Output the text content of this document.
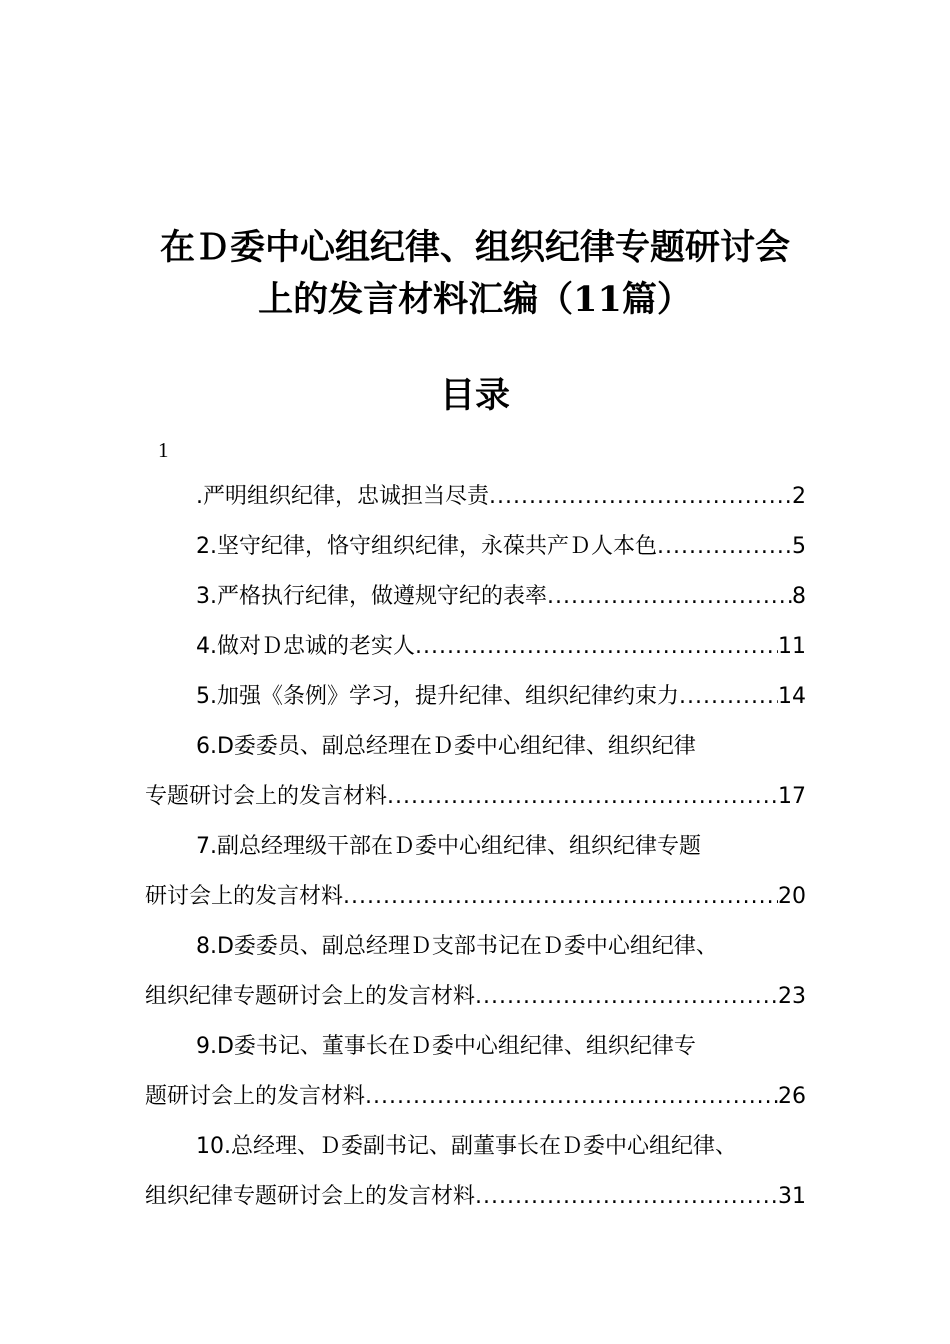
在Ｄ委中心组纪律、组织纪律专题研讨会
上的发言材料汇编（11篇）
目录
1
.严明组织纪律，忠诚担当尽责 .....	2
2.坚守纪律，恪守组织纪律，永葆共产Ｄ人本色 .....	5
3.严格执行纪律，做遵规守纪的表率 .....	8
4.做对Ｄ忠诚的老实人 .....	11
5.加强《条例》学习，提升纪律、组织纪律约束力 .....	14
6.D委委员、副总经理在Ｄ委中心组纪律、组织纪律
专题研讨会上的发言材料 .....	17
7.副总经理级干部在Ｄ委中心组纪律、组织纪律专题
研讨会上的发言材料 .....	20
8.D委委员、副总经理Ｄ支部书记在Ｄ委中心组纪律、
组织纪律专题研讨会上的发言材料 .....	23
9.D委书记、董事长在Ｄ委中心组纪律、组织纪律专
题研讨会上的发言材料 .....	26
10.总经理、Ｄ委副书记、副董事长在Ｄ委中心组纪律、
组织纪律专题研讨会上的发言材料 .....	31
